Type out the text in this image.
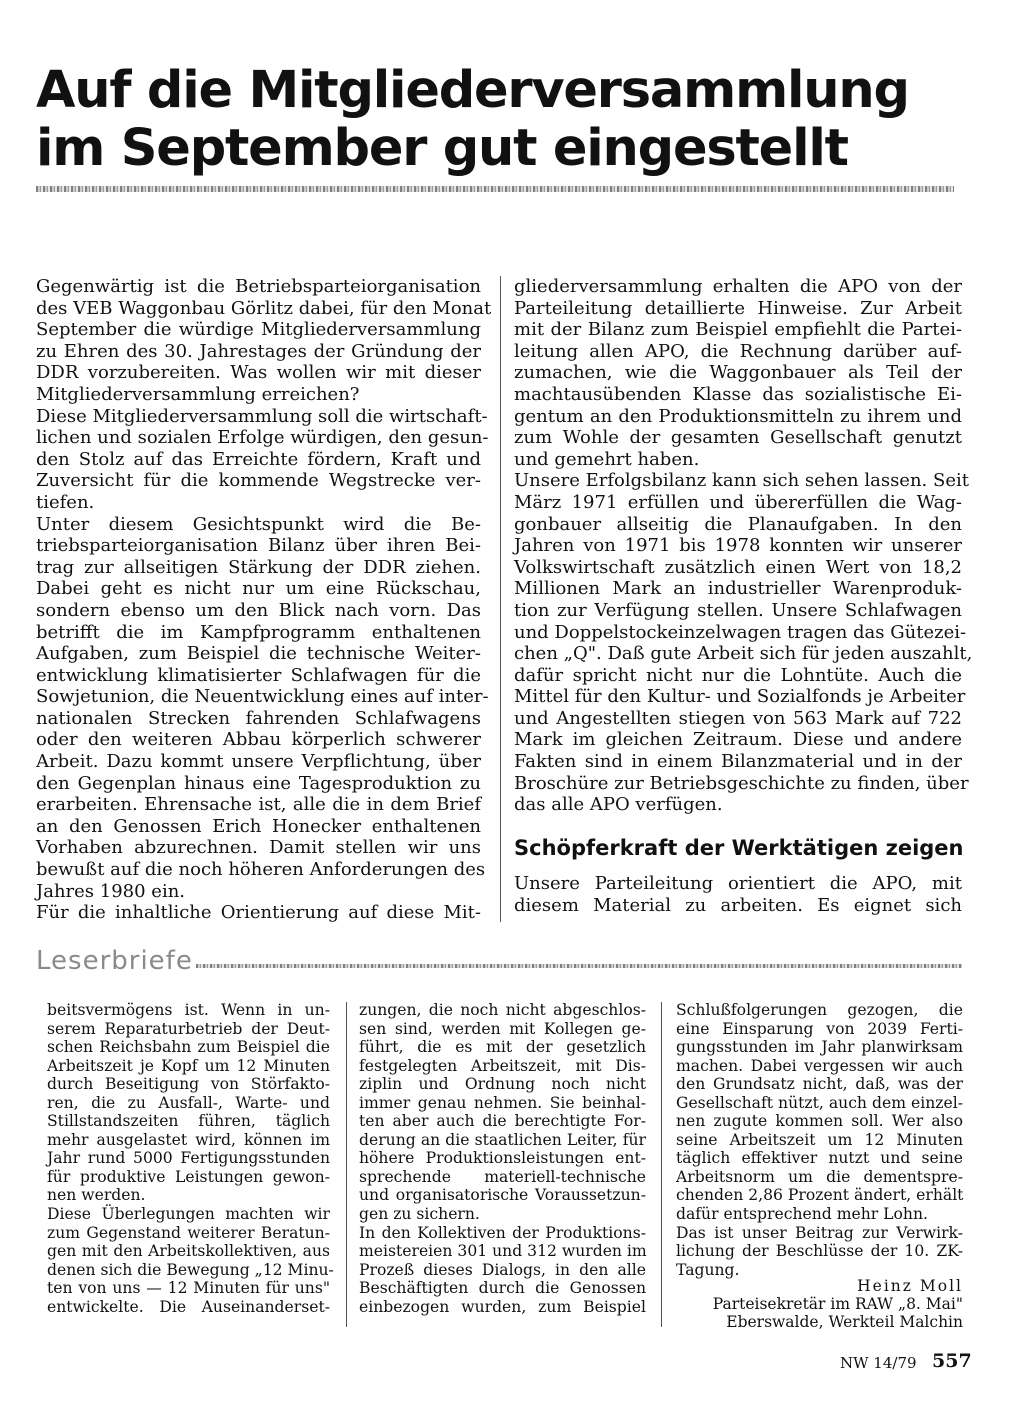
Auf die Mitgliederversammlung
im September gut eingestellt
Gegenwärtig ist die Betriebsparteiorganisation
des VEB Waggonbau Görlitz dabei, für den Monat
September die würdige Mitgliederversammlung
zu Ehren des 30. Jahrestages der Gründung der
DDR vorzubereiten. Was wollen wir mit dieser
Mitgliederversammlung erreichen?
Diese Mitgliederversammlung soll die wirtschaft-
lichen und sozialen Erfolge würdigen, den gesun-
den Stolz auf das Erreichte fördern, Kraft und
Zuversicht für die kommende Wegstrecke ver-
tiefen.
Unter diesem Gesichtspunkt wird die Be-
triebsparteiorganisation Bilanz über ihren Bei-
trag zur allseitigen Stärkung der DDR ziehen.
Dabei geht es nicht nur um eine Rückschau,
sondern ebenso um den Blick nach vorn. Das
betrifft die im Kampfprogramm enthaltenen
Aufgaben, zum Beispiel die technische Weiter-
entwicklung klimatisierter Schlafwagen für die
Sowjetunion, die Neuentwicklung eines auf inter-
nationalen Strecken fahrenden Schlafwagens
oder den weiteren Abbau körperlich schwerer
Arbeit. Dazu kommt unsere Verpflichtung, über
den Gegenplan hinaus eine Tagesproduktion zu
erarbeiten. Ehrensache ist, alle die in dem Brief
an den Genossen Erich Honecker enthaltenen
Vorhaben abzurechnen. Damit stellen wir uns
bewußt auf die noch höheren Anforderungen des
Jahres 1980 ein.
Für die inhaltliche Orientierung auf diese Mit-
gliederversammlung erhalten die APO von der
Parteileitung detaillierte Hinweise. Zur Arbeit
mit der Bilanz zum Beispiel empfiehlt die Partei-
leitung allen APO, die Rechnung darüber auf-
zumachen, wie die Waggonbauer als Teil der
machtausübenden Klasse das sozialistische Ei-
gentum an den Produktionsmitteln zu ihrem und
zum Wohle der gesamten Gesellschaft genutzt
und gemehrt haben.
Unsere Erfolgsbilanz kann sich sehen lassen. Seit
März 1971 erfüllen und übererfüllen die Wag-
gonbauer allseitig die Planaufgaben. In den
Jahren von 1971 bis 1978 konnten wir unserer
Volkswirtschaft zusätzlich einen Wert von 18,2
Millionen Mark an industrieller Warenproduk-
tion zur Verfügung stellen. Unsere Schlafwagen
und Doppelstockeinzelwagen tragen das Gütezei-
chen „Q". Daß gute Arbeit sich für jeden auszahlt,
dafür spricht nicht nur die Lohntüte. Auch die
Mittel für den Kultur- und Sozialfonds je Arbeiter
und Angestellten stiegen von 563 Mark auf 722
Mark im gleichen Zeitraum. Diese und andere
Fakten sind in einem Bilanzmaterial und in der
Broschüre zur Betriebsgeschichte zu finden, über
das alle APO verfügen.
Schöpferkraft der Werktätigen zeigen
Unsere Parteileitung orientiert die APO, mit
diesem Material zu arbeiten. Es eignet sich
Leserbriefe
beitsvermögens ist. Wenn in un-
serem Reparaturbetrieb der Deut-
schen Reichsbahn zum Beispiel die
Arbeitszeit je Kopf um 12 Minuten
durch Beseitigung von Störfakto-
ren, die zu Ausfall-, Warte- und
Stillstandszeiten führen, täglich
mehr ausgelastet wird, können im
Jahr rund 5000 Fertigungsstunden
für produktive Leistungen gewon-
nen werden.
Diese Überlegungen machten wir
zum Gegenstand weiterer Beratun-
gen mit den Arbeitskollektiven, aus
denen sich die Bewegung „12 Minu-
ten von uns — 12 Minuten für uns"
entwickelte. Die Auseinanderset-
zungen, die noch nicht abgeschlos-
sen sind, werden mit Kollegen ge-
führt, die es mit der gesetzlich
festgelegten Arbeitszeit, mit Dis-
ziplin und Ordnung noch nicht
immer genau nehmen. Sie beinhal-
ten aber auch die berechtigte For-
derung an die staatlichen Leiter, für
höhere Produktionsleistungen ent-
sprechende materiell-technische
und organisatorische Voraussetzun-
gen zu sichern.
In den Kollektiven der Produktions-
meistereien 301 und 312 wurden im
Prozeß dieses Dialogs, in den alle
Beschäftigten durch die Genossen
einbezogen wurden, zum Beispiel
Schlußfolgerungen gezogen, die
eine Einsparung von 2039 Ferti-
gungsstunden im Jahr planwirksam
machen. Dabei vergessen wir auch
den Grundsatz nicht, daß, was der
Gesellschaft nützt, auch dem einzel-
nen zugute kommen soll. Wer also
seine Arbeitszeit um 12 Minuten
täglich effektiver nutzt und seine
Arbeitsnorm um die dementspre-
chenden 2,86 Prozent ändert, erhält
dafür entsprechend mehr Lohn.
Das ist unser Beitrag zur Verwirk-
lichung der Beschlüsse der 10. ZK-
Tagung.
Heinz Moll
Parteisekretär im RAW „8. Mai"
Eberswalde, Werkteil Malchin
NW 14/79 557
